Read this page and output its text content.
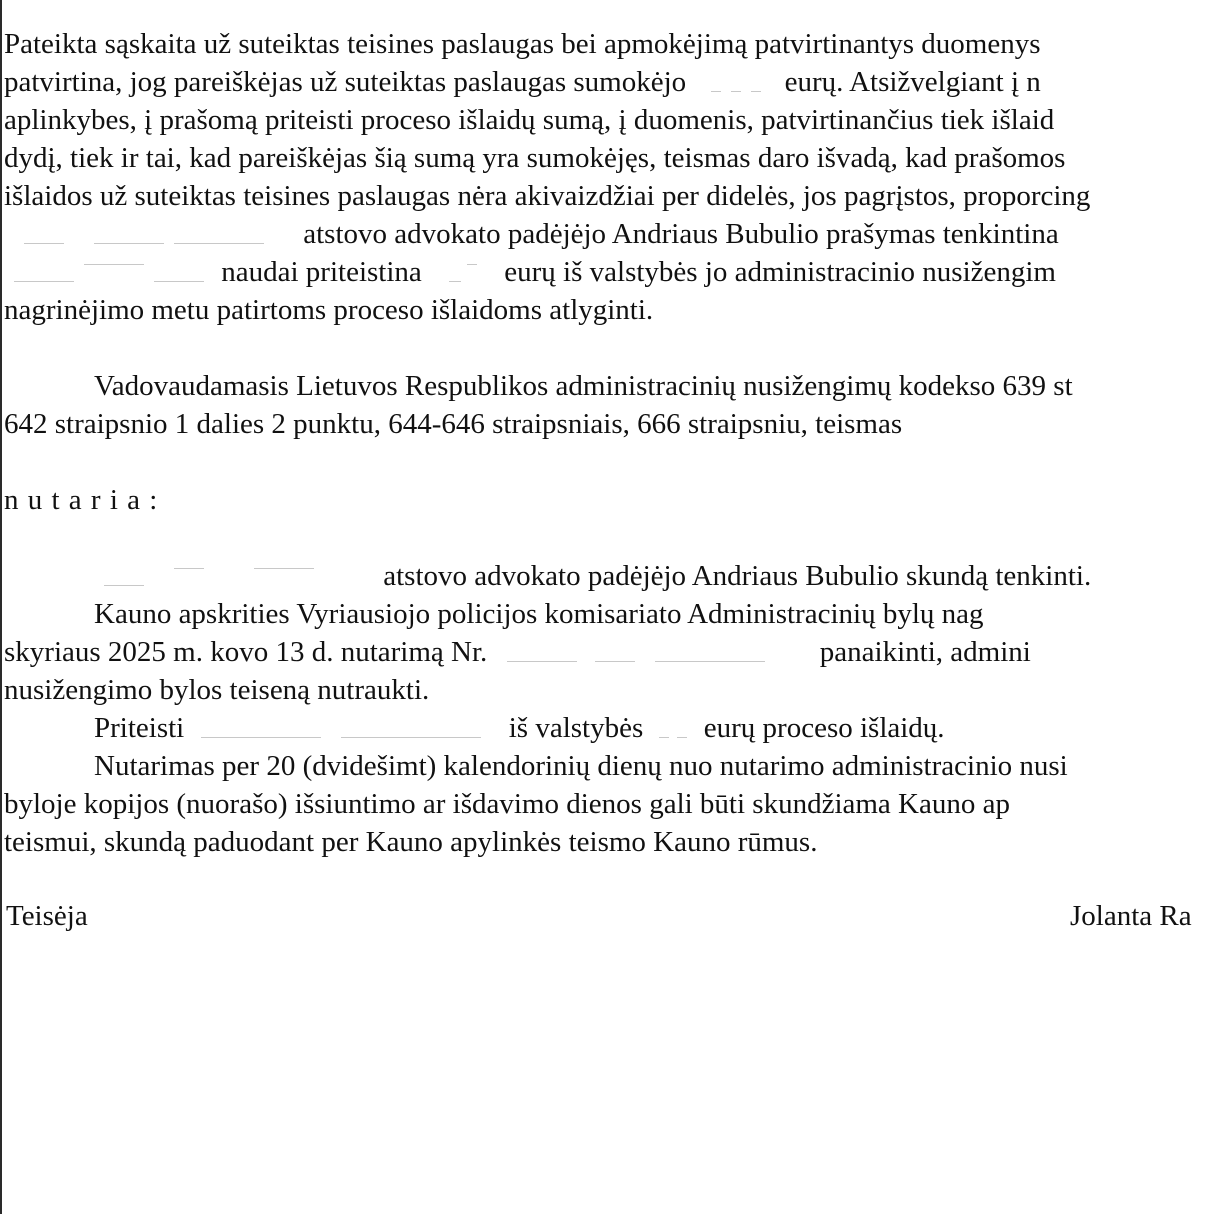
Pateikta sąskaita už suteiktas teisines paslaugas bei apmokėjimą patvirtinantys duomenys
patvirtina, jog pareiškėjas už suteiktas paslaugas sumokėjo	eurų. Atsižvelgiant į n
aplinkybes, į prašomą priteisti proceso išlaidų sumą, į duomenis, patvirtinančius tiek išlaid
dydį, tiek ir tai, kad pareiškėjas šią sumą yra sumokėjęs, teismas daro išvadą, kad prašomos
išlaidos už suteiktas teisines paslaugas nėra akivaizdžiai per didelės, jos pagrįstos, proporcing
atstovo advokato padėjėjo Andriaus Bubulio prašymas tenkintina
naudai priteistina	eurų iš valstybės jo administracinio nusižengim
nagrinėjimo metu patirtoms proceso išlaidoms atlyginti.
Vadovaudamasis Lietuvos Respublikos administracinių nusižengimų kodekso 639 st
642 straipsnio 1 dalies 2 punktu, 644-646 straipsniais, 666 straipsniu, teismas
n u t a r i a :
atstovo advokato padėjėjo Andriaus Bubulio skundą tenkinti.
Kauno apskrities Vyriausiojo policijos komisariato Administracinių bylų nag
skyriaus 2025 m. kovo 13 d. nutarimą Nr.	panaikinti, admini
nusižengimo bylos teiseną nutraukti.
Priteisti	iš valstybės eurų proceso išlaidų.
Nutarimas per 20 (dvidešimt) kalendorinių dienų nuo nutarimo administracinio nusi
byloje kopijos (nuorašo) išsiuntimo ar išdavimo dienos gali būti skundžiama Kauno ap
teismui, skundą paduodant per Kauno apylinkės teismo Kauno rūmus.
Teisėja	Jolanta Ra
